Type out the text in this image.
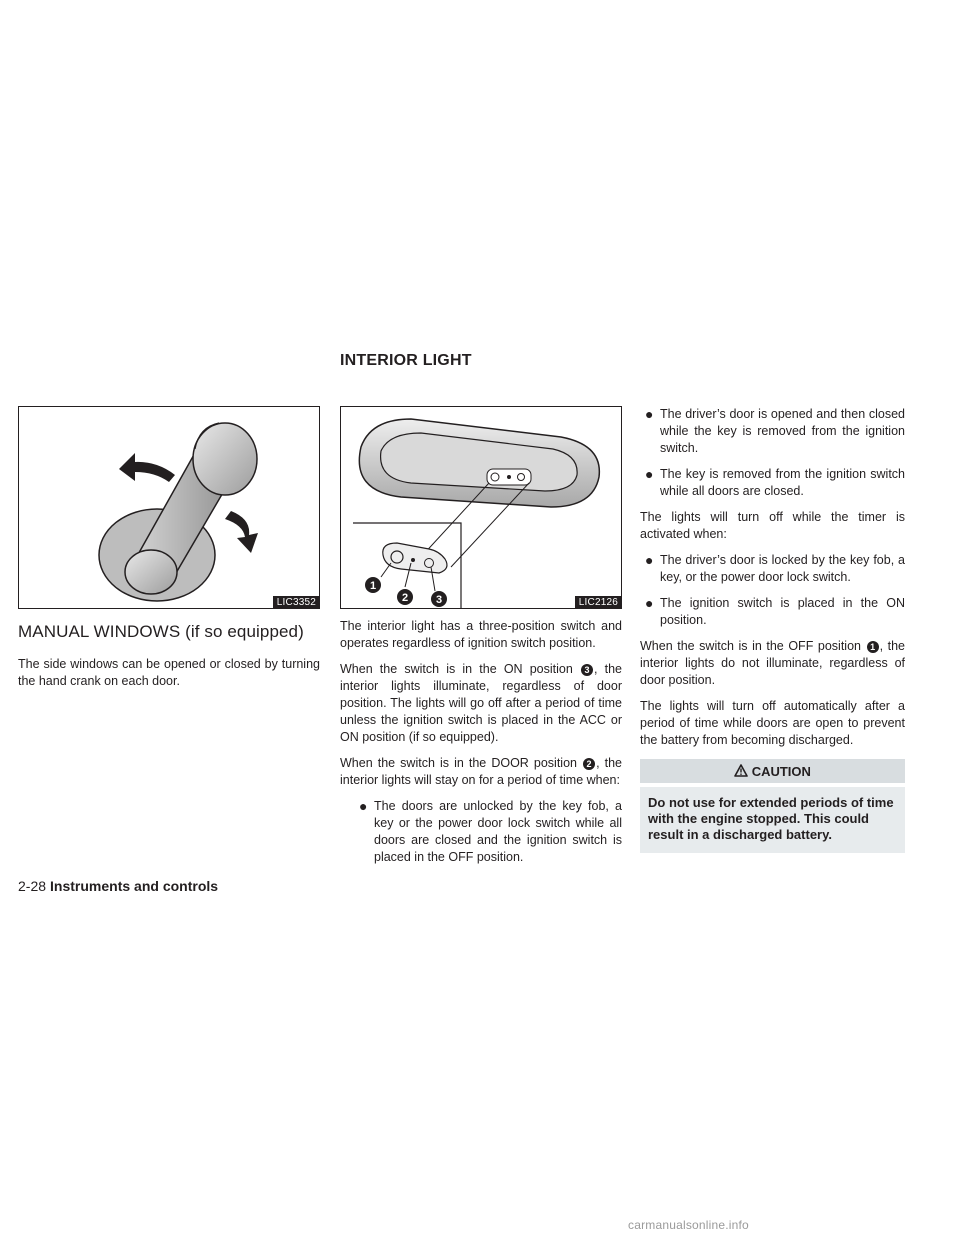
INTERIOR LIGHT
LIC3352
1
2	3	LIC2126
MANUAL WINDOWS (if so equipped)

The side windows can be opened or closed by turning the hand crank on each door.

The interior light has a three-position switch and operates regardless of ignition switch position.

When the switch is in the ON position 3 , the interior lights illuminate, regardless of door position. The lights will go off after a period of time unless the ignition switch is placed in the ACC or ON position (if so equipped).

When the switch is in the DOOR position 2 , the interior lights will stay on for a period of time when:

● The doors are unlocked by the key fob, a key or the power door lock switch while all doors are closed and the ignition switch is placed in the OFF position.
● The driver’s door is opened and then closed while the key is removed from the ignition switch.
● The key is removed from the ignition switch while all doors are closed.

The lights will turn off while the timer is activated when:

● The driver’s door is locked by the key fob, a key, or the power door lock switch.
● The ignition switch is placed in the ON position.

When the switch is in the OFF position 1 , the interior lights do not illuminate, regardless of door position.

The lights will turn off automatically after a period of time while doors are open to prevent the battery from becoming discharged.

CAUTION
Do not use for extended periods of time with the engine stopped. This could result in a discharged battery.
2-28 Instruments and controls
carmanualsonline.info
